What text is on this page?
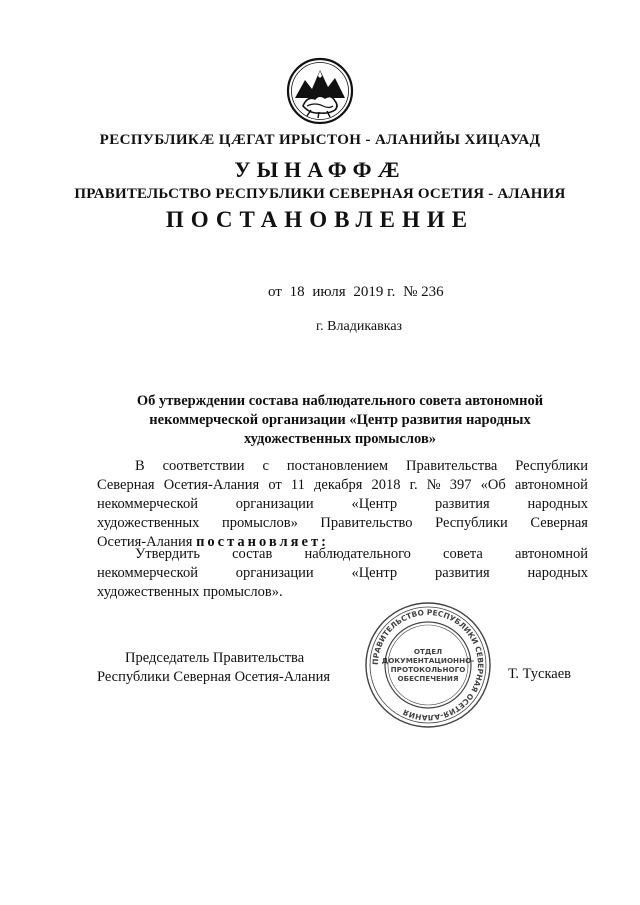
РЕСПУБЛИКӔ ЦӔГАТ ИРЫСТОН - АЛАНИЙЫ ХИЦАУАД
УЫНАФФӔ
ПРАВИТЕЛЬСТВО РЕСПУБЛИКИ СЕВЕРНАЯ ОСЕТИЯ - АЛАНИЯ
ПОСТАНОВЛЕНИЕ
от 18 июля 2019 г. № 236
г. Владикавказ
Об утверждении состава наблюдательного совета автономной
некоммерческой организации «Центр развития народных
художественных промыслов»
В соответствии с постановлением Правительства Республики
Северная Осетия-Алания от 11 декабря 2018 г. № 397 «Об автономной
некоммерческой	организации	«Центр	развития	народных
художественных промыслов» Правительство Республики Северная
Осетия-Алания постановляет:
Утвердить состав наблюдательного совета автономной
некоммерческой	организации	«Центр	развития	народных
художественных промыслов».
Председатель Правительства
Республики Северная Осетия-Алания	Т. Тускаев
ПРАВИТЕЛЬСТВО РЕСПУБЛИКИ СЕВЕРНАЯ ОСЕТИЯ-АЛАНИЯ
ОТДЕЛ
ДОКУМЕНТАЦИОННО-
ПРОТОКОЛЬНОГО
ОБЕСПЕЧЕНИЯ
